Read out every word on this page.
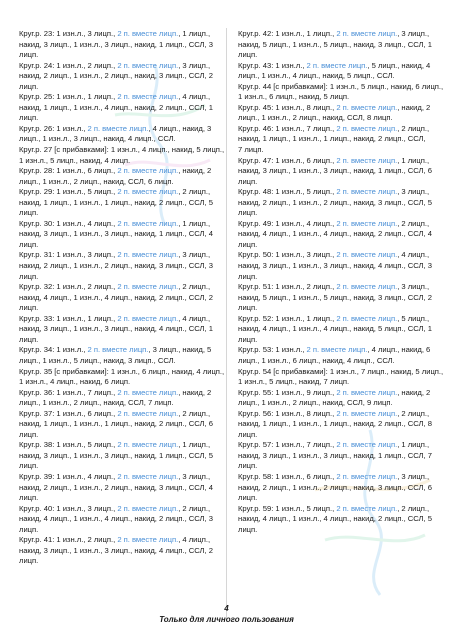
Круг.р. 23: 1 изн.л., 3 лицп., 2 п. вместе лицп., 1 лицп., накид, 3 лицп., 1 изн.л., 3 лицп., накид, 1 лицп., ССЛ, 3 лицп.

Круг.р. 24: 1 изн.л., 2 лицп., 2 п. вместе лицп., 3 лицп., накид, 2 лицп., 1 изн.л., 2 лицп., накид, 3 лицп., ССЛ, 2 лицп.

Круг.р. 25: 1 изн.л., 1 лицп., 2 п. вместе лицп., 4 лицп., накид, 1 лицп., 1 изн.л., 4 лицп., накид, 2 лицп., ССЛ, 1 лицп.

Круг.р. 26: 1 изн.л., 2 п. вместе лицп., 4 лицп., накид, 3 лицп., 1 изн.л., 3 лицп., накид, 4 лицп., ССЛ.

Круг.р. 27 [с прибавками]: 1 изн.л., 4 лицп., накид, 5 лицп., 1 изн.л., 5 лицп., накид, 4 лицп.

Круг.р. 28: 1 изн.л., 6 лицп., 2 п. вместе лицп., накид, 2 лицп., 1 изн.л., 2 лицп., накид, ССЛ, 6 лицп.

Круг.р. 29: 1 изн.л., 5 лицп., 2 п. вместе лицп., 2 лицп., накид, 1 лицп., 1 изн.л., 1 лицп., накид, 2 лицп., ССЛ, 5 лицп.

Круг.р. 30: 1 изн.л., 4 лицп., 2 п. вместе лицп., 1 лицп., накид, 3 лицп., 1 изн.л., 3 лицп., накид, 1 лицп., ССЛ, 4 лицп.

Круг.р. 31: 1 изн.л., 3 лицп., 2 п. вместе лицп., 3 лицп., накид, 2 лицп., 1 изн.л., 2 лицп., накид, 3 лицп., ССЛ, 3 лицп.

Круг.р. 32: 1 изн.л., 2 лицп., 2 п. вместе лицп., 2 лицп., накид, 4 лицп., 1 изн.л., 4 лицп., накид, 2 лицп., ССЛ, 2 лицп.

Круг.р. 33: 1 изн.л., 1 лицп., 2 п. вместе лицп., 4 лицп., накид, 3 лицп., 1 изн.л., 3 лицп., накид, 4 лицп., ССЛ, 1 лицп.

Круг.р. 34: 1 изн.л., 2 п. вместе лицп., 3 лицп., накид, 5 лицп., 1 изн.л., 5 лицп., накид, 3 лицп., ССЛ.

Круг.р. 35 [с прибавками]: 1 изн.л., 6 лицп., накид, 4 лицп., 1 изн.л., 4 лицп., накид, 6 лицп.

Круг.р. 36: 1 изн.л., 7 лицп., 2 п. вместе лицп., накид, 2 лицп., 1 изн.л., 2 лицп., накид, ССЛ, 7 лицп.

Круг.р. 37: 1 изн.л., 6 лицп., 2 п. вместе лицп., 2 лицп., накид, 1 лицп., 1 изн.л., 1 лицп., накид, 2 лицп., ССЛ, 6 лицп.

Круг.р. 38: 1 изн.л., 5 лицп., 2 п. вместе лицп., 1 лицп., накид, 3 лицп., 1 изн.л., 3 лицп., накид, 1 лицп., ССЛ, 5 лицп.

Круг.р. 39: 1 изн.л., 4 лицп., 2 п. вместе лицп., 3 лицп., накид, 2 лицп., 1 изн.л., 2 лицп., накид, 3 лицп., ССЛ, 4 лицп.

Круг.р. 40: 1 изн.л., 3 лицп., 2 п. вместе лицп., 2 лицп., накид, 4 лицп., 1 изн.л., 4 лицп., накид, 2 лицп., ССЛ, 3 лицп.

Круг.р. 41: 1 изн.л., 2 лицп., 2 п. вместе лицп., 4 лицп., накид, 3 лицп., 1 изн.л., 3 лицп., накид, 4 лицп., ССЛ, 2 лицп.

Круг.р. 42: 1 изн.л., 1 лицп., 2 п. вместе лицп., 3 лицп., накид, 5 лицп., 1 изн.л., 5 лицп., накид, 3 лицп., ССЛ, 1 лицп.

Круг.р. 43: 1 изн.л., 2 п. вместе лицп., 5 лицп., накид, 4 лицп., 1 изн.л., 4 лицп., накид, 5 лицп., ССЛ.

Круг.р. 44 [с прибавками]: 1 изн.л., 5 лицп., накид, 6 лицп., 1 изн.л., 6 лицп., накид, 5 лицп.

Круг.р. 45: 1 изн.л., 8 лицп., 2 п. вместе лицп., накид, 2 лицп., 1 изн.л., 2 лицп., накид, ССЛ, 8 лицп.

Круг.р. 46: 1 изн.л., 7 лицп., 2 п. вместе лицп., 2 лицп., накид, 1 лицп., 1 изн.л., 1 лицп., накид, 2 лицп., ССЛ,
7 лицп.

Круг.р. 47: 1 изн.л., 6 лицп., 2 п. вместе лицп., 1 лицп., накид, 3 лицп., 1 изн.л., 3 лицп., накид, 1 лицп., ССЛ, 6 лицп.

Круг.р. 48: 1 изн.л., 5 лицп., 2 п. вместе лицп., 3 лицп., накид, 2 лицп., 1 изн.л., 2 лицп., накид, 3 лицп., ССЛ, 5 лицп.

Круг.р. 49: 1 изн.л., 4 лицп., 2 п. вместе лицп., 2 лицп., накид, 4 лицп., 1 изн.л., 4 лицп., накид, 2 лицп., ССЛ, 4 лицп.

Круг.р. 50: 1 изн.л., 3 лицп., 2 п. вместе лицп., 4 лицп., накид, 3 лицп., 1 изн.л., 3 лицп., накид, 4 лицп., ССЛ, 3 лицп.

Круг.р. 51: 1 изн.л., 2 лицп., 2 п. вместе лицп., 3 лицп., накид, 5 лицп., 1 изн.л., 5 лицп., накид, 3 лицп., ССЛ, 2 лицп.

Круг.р. 52: 1 изн.л., 1 лицп., 2 п. вместе лицп., 5 лицп., накид, 4 лицп., 1 изн.л., 4 лицп., накид, 5 лицп., ССЛ, 1 лицп.

Круг.р. 53: 1 изн.л., 2 п. вместе лицп., 4 лицп., накид, 6 лицп., 1 изн.л., 6 лицп., накид, 4 лицп., ССЛ.

Круг.р. 54 [с прибавками]: 1 изн.л., 7 лицп., накид, 5 лицп., 1 изн.л., 5 лицп., накид, 7 лицп.

Круг.р. 55: 1 изн.л., 9 лицп., 2 п. вместе лицп., накид, 2 лицп., 1 изн.л., 2 лицп., накид, ССЛ, 9 лицп.

Круг.р. 56: 1 изн.л., 8 лицп., 2 п. вместе лицп., 2 лицп., накид, 1 лицп., 1 изн.л., 1 лицп., накид, 2 лицп., ССЛ, 8 лицп.

Круг.р. 57: 1 изн.л., 7 лицп., 2 п. вместе лицп., 1 лицп., накид, 3 лицп., 1 изн.л., 3 лицп., накид, 1 лицп., ССЛ, 7 лицп.

Круг.р. 58: 1 изн.л., 6 лицп., 2 п. вместе лицп., 3 лицп., накид, 2 лицп., 1 изн.л., 2 лицп., накид, 3 лицп., ССЛ, 6 лицп.

Круг.р. 59: 1 изн.л., 5 лицп., 2 п. вместе лицп., 2 лицп., накид, 4 лицп., 1 изн.л., 4 лицп., накид, 2 лицп., ССЛ, 5 лицп.

4
Только для личного пользования
